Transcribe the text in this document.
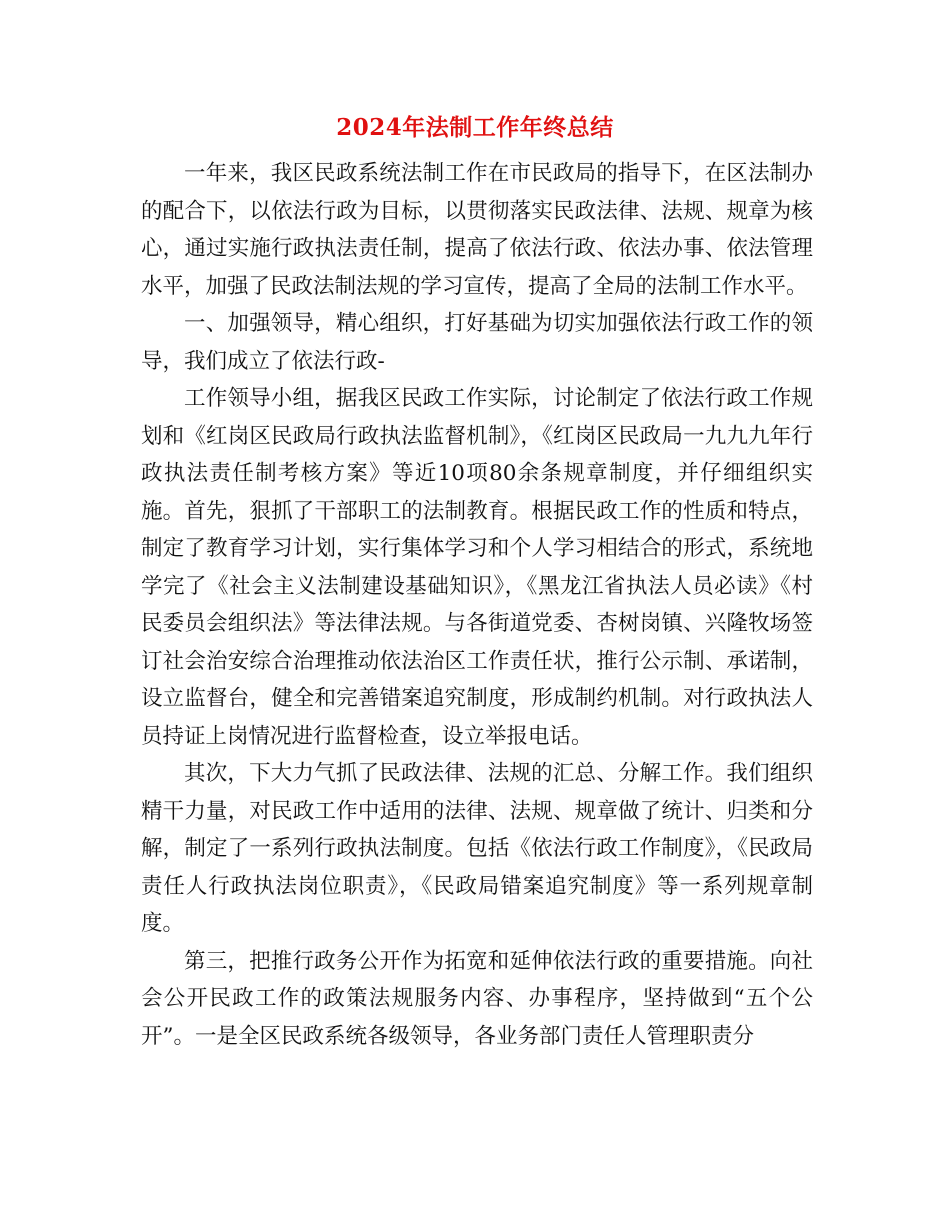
2024年法制工作年终总结

一年来，我区民政系统法制工作在市民政局的指导下，在区法制办的配合下，以依法行政为目标，以贯彻落实民政法律、法规、规章为核心，通过实施行政执法责任制，提高了依法行政、依法办事、依法管理水平，加强了民政法制法规的学习宣传，提高了全局的法制工作水平。

一、加强领导，精心组织，打好基础为切实加强依法行政工作的领导，我们成立了依法行政-

工作领导小组，据我区民政工作实际，讨论制定了依法行政工作规划和《红岗区民政局行政执法监督机制》，《红岗区民政局一九九九年行政执法责任制考核方案》等近10项80余条规章制度，并仔细组织实施。首先，狠抓了干部职工的法制教育。根据民政工作的性质和特点，制定了教育学习计划，实行集体学习和个人学习相结合的形式，系统地学完了《社会主义法制建设基础知识》，《黑龙江省执法人员必读》《村民委员会组织法》等法律法规。与各街道党委、杏树岗镇、兴隆牧场签订社会治安综合治理推动依法治区工作责任状，推行公示制、承诺制，设立监督台，健全和完善错案追究制度，形成制约机制。对行政执法人员持证上岗情况进行监督检查，设立举报电话。

其次，下大力气抓了民政法律、法规的汇总、分解工作。我们组织精干力量，对民政工作中适用的法律、法规、规章做了统计、归类和分解，制定了一系列行政执法制度。包括《依法行政工作制度》，《民政局责任人行政执法岗位职责》，《民政局错案追究制度》等一系列规章制度。

第三，把推行政务公开作为拓宽和延伸依法行政的重要措施。向社会公开民政工作的政策法规服务内容、办事程序，坚持做到“五个公开”。一是全区民政系统各级领导，各业务部门责任人管理职责分
